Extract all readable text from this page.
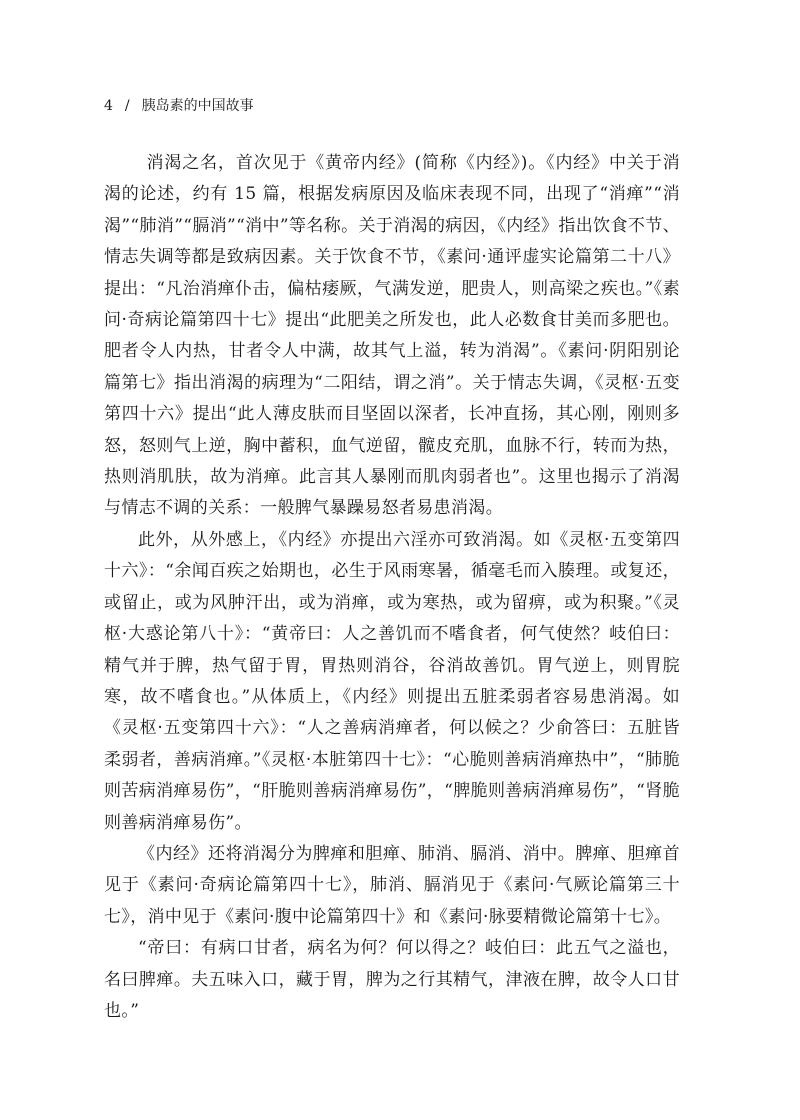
4 / 胰岛素的中国故事

消渴之名，首次见于《黄帝内经》(简称《内经》)。《内经》中关于消渴的论述，约有 15 篇，根据发病原因及临床表现不同，出现了“消瘅”“消渴”“肺消”“膈消”“消中”等名称。关于消渴的病因，《内经》指出饮食不节、情志失调等都是致病因素。关于饮食不节，《素问·通评虚实论篇第二十八》提出：“凡治消瘅仆击，偏枯痿厥，气满发逆，肥贵人，则高梁之疾也。”《素问·奇病论篇第四十七》提出“此肥美之所发也，此人必数食甘美而多肥也。肥者令人内热，甘者令人中满，故其气上溢，转为消渴”。《素问·阴阳别论篇第七》指出消渴的病理为“二阳结，谓之消”。关于情志失调，《灵枢·五变第四十六》提出“此人薄皮肤而目坚固以深者，长冲直扬，其心刚，刚则多怒，怒则气上逆，胸中蓄积，血气逆留，髋皮充肌，血脉不行，转而为热，热则消肌肤，故为消瘅。此言其人暴刚而肌肉弱者也”。这里也揭示了消渴与情志不调的关系：一般脾气暴躁易怒者易患消渴。

此外，从外感上，《内经》亦提出六淫亦可致消渴。如《灵枢·五变第四十六》：“余闻百疾之始期也，必生于风雨寒暑，循毫毛而入腠理。或复还，或留止，或为风肿汗出，或为消瘅，或为寒热，或为留痹，或为积聚。”《灵枢·大惑论第八十》：“黄帝曰：人之善饥而不嗜食者，何气使然？岐伯曰：精气并于脾，热气留于胃，胃热则消谷，谷消故善饥。胃气逆上，则胃脘寒，故不嗜食也。”从体质上，《内经》则提出五脏柔弱者容易患消渴。如《灵枢·五变第四十六》：“人之善病消瘅者，何以候之？少俞答曰：五脏皆柔弱者，善病消瘅。”《灵枢·本脏第四十七》：“心脆则善病消瘅热中”，“肺脆则苦病消瘅易伤”，“肝脆则善病消瘅易伤”，“脾脆则善病消瘅易伤”，“肾脆则善病消瘅易伤”。

《内经》还将消渴分为脾瘅和胆瘅、肺消、膈消、消中。脾瘅、胆瘅首见于《素问·奇病论篇第四十七》，肺消、膈消见于《素问·气厥论篇第三十七》，消中见于《素问·腹中论篇第四十》和《素问·脉要精微论篇第十七》。

“帝曰：有病口甘者，病名为何？何以得之？岐伯曰：此五气之溢也，名曰脾瘅。夫五味入口，藏于胃，脾为之行其精气，津液在脾，故令人口甘也。”
